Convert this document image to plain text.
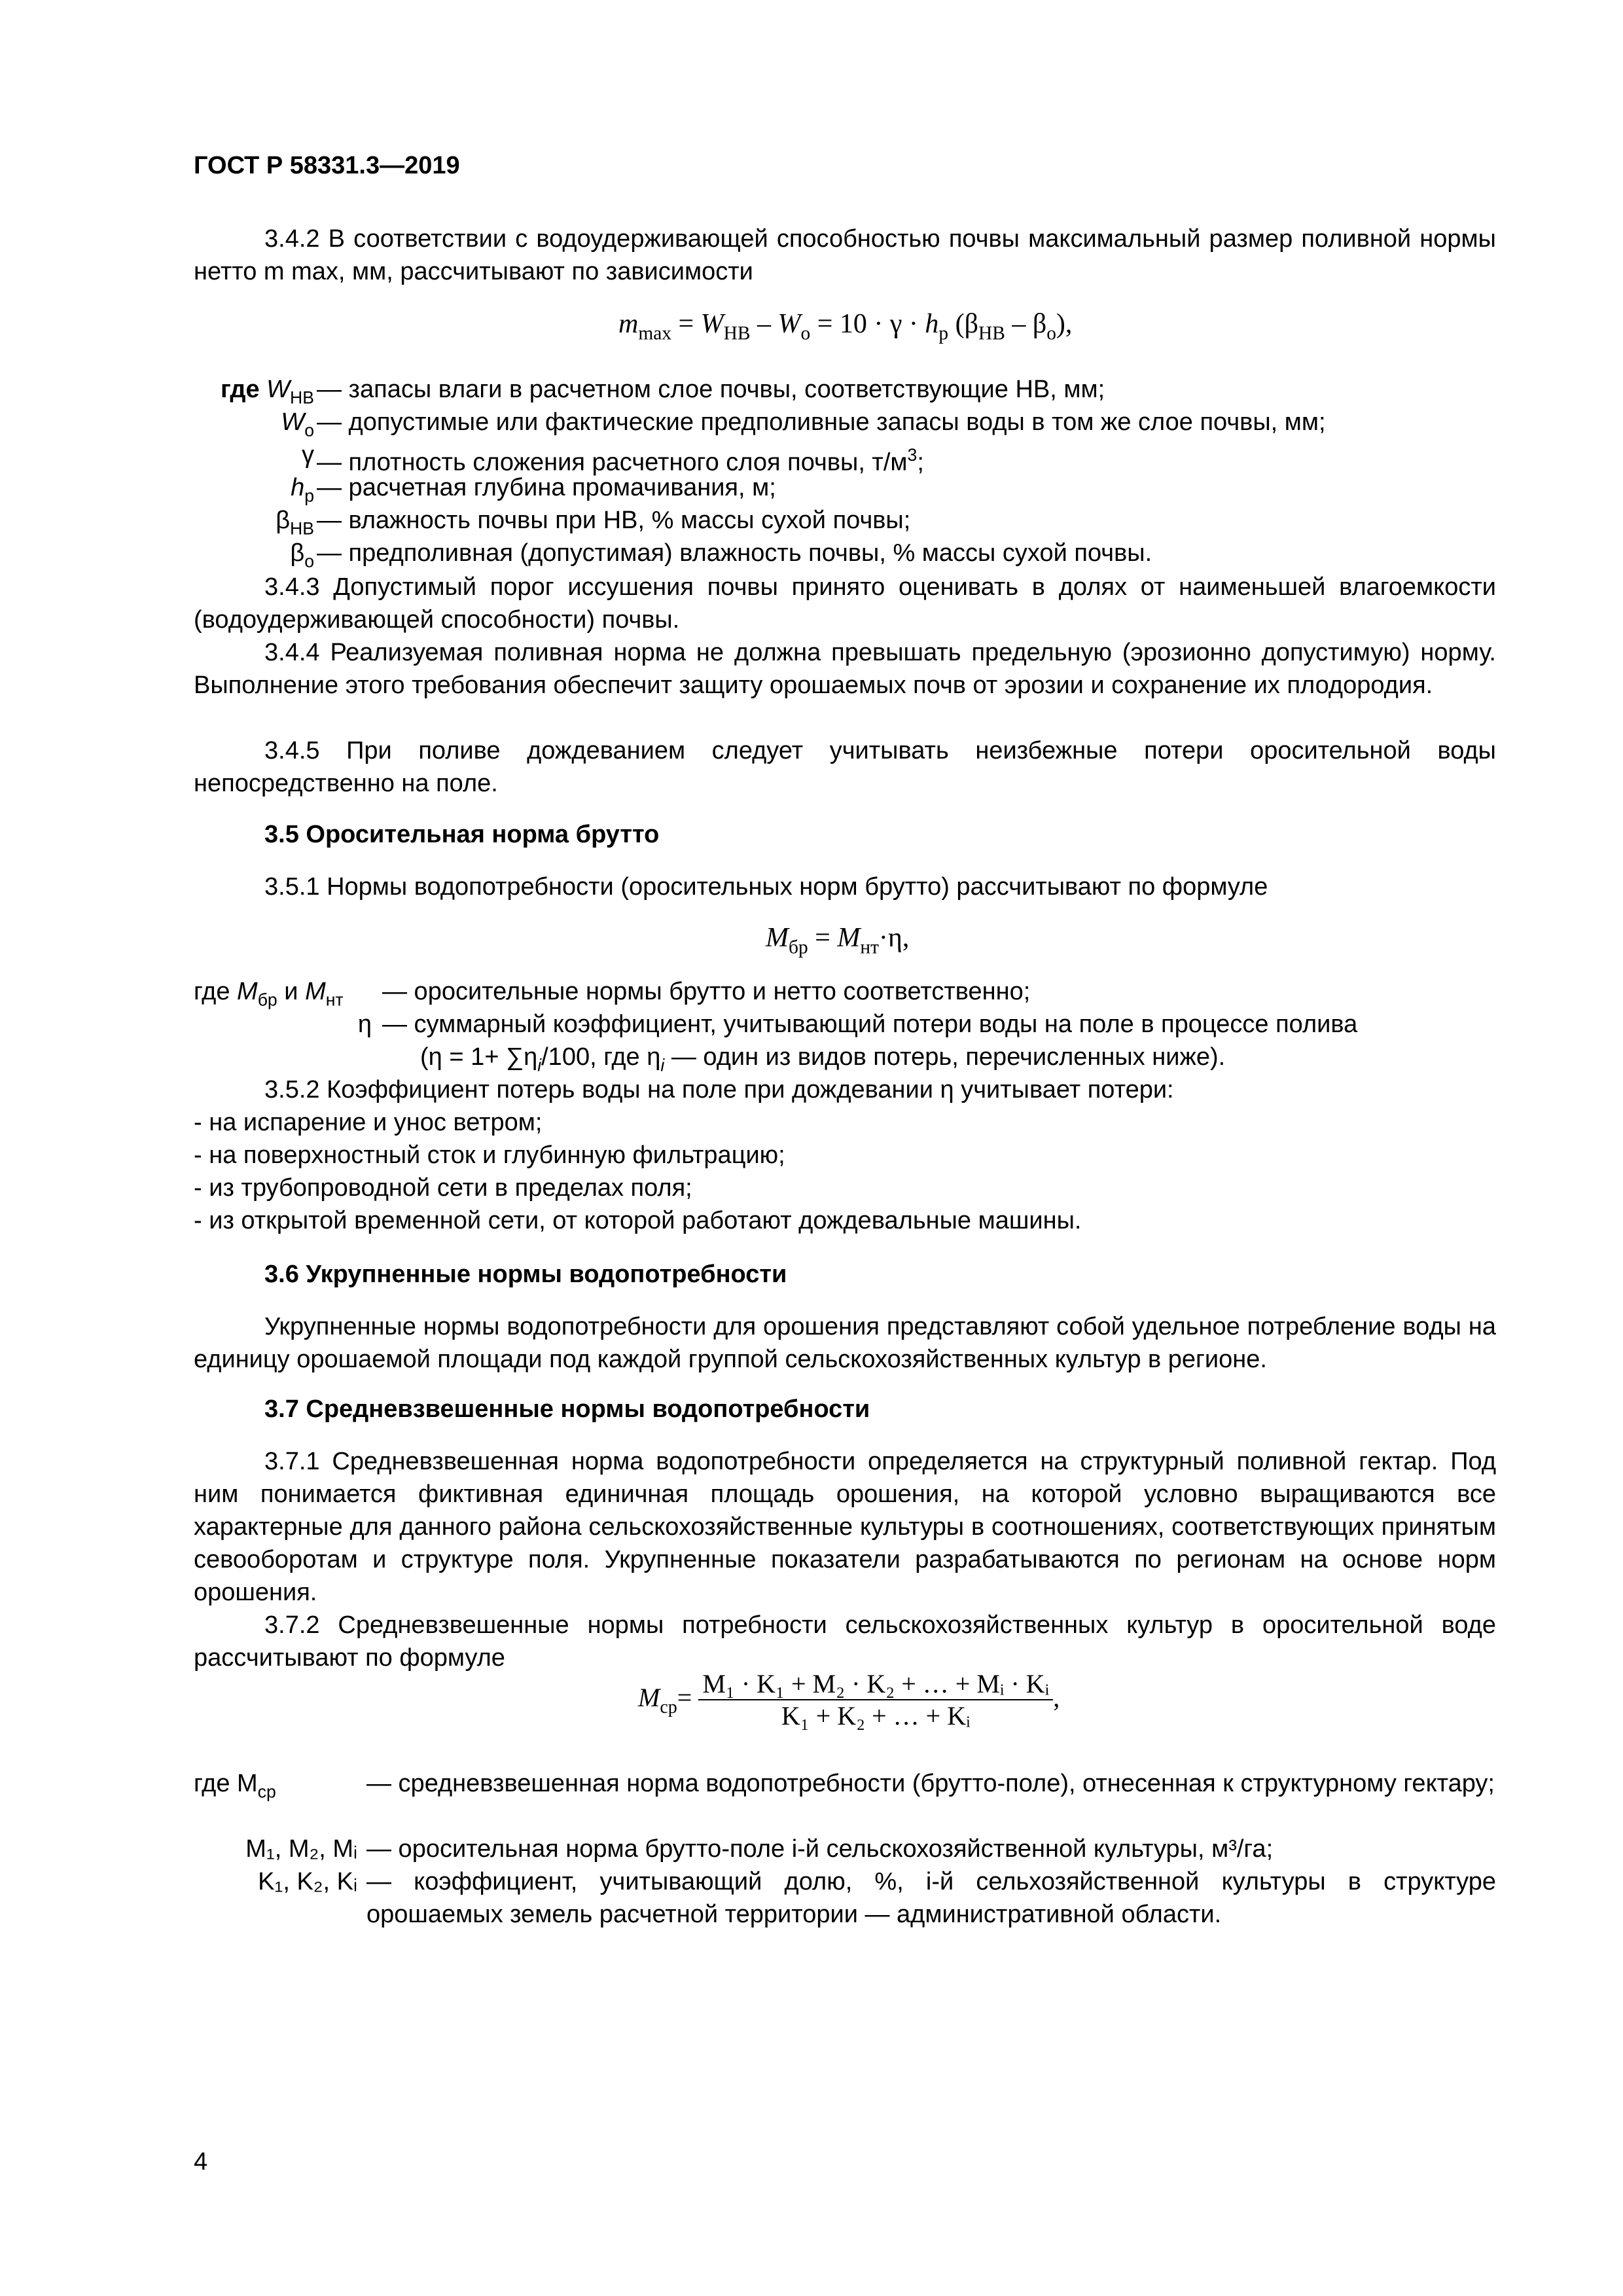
ГОСТ Р 58331.3—2019
3.4.2 В соответствии с водоудерживающей способностью почвы максимальный размер поливной нормы нетто m max, мм, рассчитывают по зависимости
$m_{max} = W_{НВ} - W_о = 10 \cdot \gamma \cdot h_р$ $(\beta_{НВ} - \beta_о)$,
где $W_{НВ}$ — запасы влаги в расчетном слое почвы, соответствующие НВ, мм;
$W_о$ — допустимые или фактические предполивные запасы воды в том же слое почвы, мм;
γ — плотность сложения расчетного слоя почвы, $т/м^3$;
$h_р$ — расчетная глубина промачивания, м;
$\beta_{НВ}$ — влажность почвы при НВ, % массы сухой почвы;
$\beta_о$ — предполивная (допустимая) влажность почвы, % массы сухой почвы.
3.4.3 Допустимый порог иссушения почвы принято оценивать в долях от наименьшей влагоемкости (водоудерживающей способности) почвы.
3.4.4 Реализуемая поливная норма не должна превышать предельную (эрозионно допустимую) норму. Выполнение этого требования обеспечит защиту орошаемых почв от эрозии и сохранение их плодородия.
3.4.5 При поливе дождеванием следует учитывать неизбежные потери оросительной воды непосредственно на поле.
3.5 Оросительная норма брутто
3.5.1 Нормы водопотребности (оросительных норм брутто) рассчитывают по формуле
$M_{бр} = M_{нт}\cdot\eta$,
где $M_{бр}$ и $M_{нт}$ — оросительные нормы брутто и нетто соответственно;
η — суммарный коэффициент, учитывающий потери воды на поле в процессе полива
($\eta = 1+ \sum\eta_i/100$, где $\eta_i$ — один из видов потерь, перечисленных ниже).
3.5.2 Коэффициент потерь воды на поле при дождевании η учитывает потери:
- на испарение и унос ветром;
- на поверхностный сток и глубинную фильтрацию;
- из трубопроводной сети в пределах поля;
- из открытой временной сети, от которой работают дождевальные машины.
3.6 Укрупненные нормы водопотребности
Укрупненные нормы водопотребности для орошения представляют собой удельное потребление воды на единицу орошаемой площади под каждой группой сельскохозяйственных культур в регионе.
3.7 Средневзвешенные нормы водопотребности
3.7.1 Средневзвешенная норма водопотребности определяется на структурный поливной гектар. Под ним понимается фиктивная единичная площадь орошения, на которой условно выращиваются все характерные для данного района сельскохозяйственные культуры в соотношениях, соответствующих принятым севооборотам и структуре поля. Укрупненные показатели разрабатываются по регионам на основе норм орошения.
3.7.2 Средневзвешенные нормы потребности сельскохозяйственных культур в оросительной воде рассчитывают по формуле
$M_{ср}= \frac{\text{M₁ · K₁ + M₂ · K₂ + … + Mᵢ · Kᵢ}}{\text{K₁ + K₂ + … + Kᵢ}}$ ,
где $M_{ср}$	— средневзвешенная норма водопотребности (брутто-поле), отнесенная к структурному гектару;
M₁, M₂, Mᵢ — оросительная норма брутто-поле i-й сельскохозяйственной культуры, м³/га;
K₁, K₂, Kᵢ — коэффициент, учитывающий долю, %, i-й сельхозяйственной культуры в структуре орошаемых земель расчетной территории — административной области.
4
